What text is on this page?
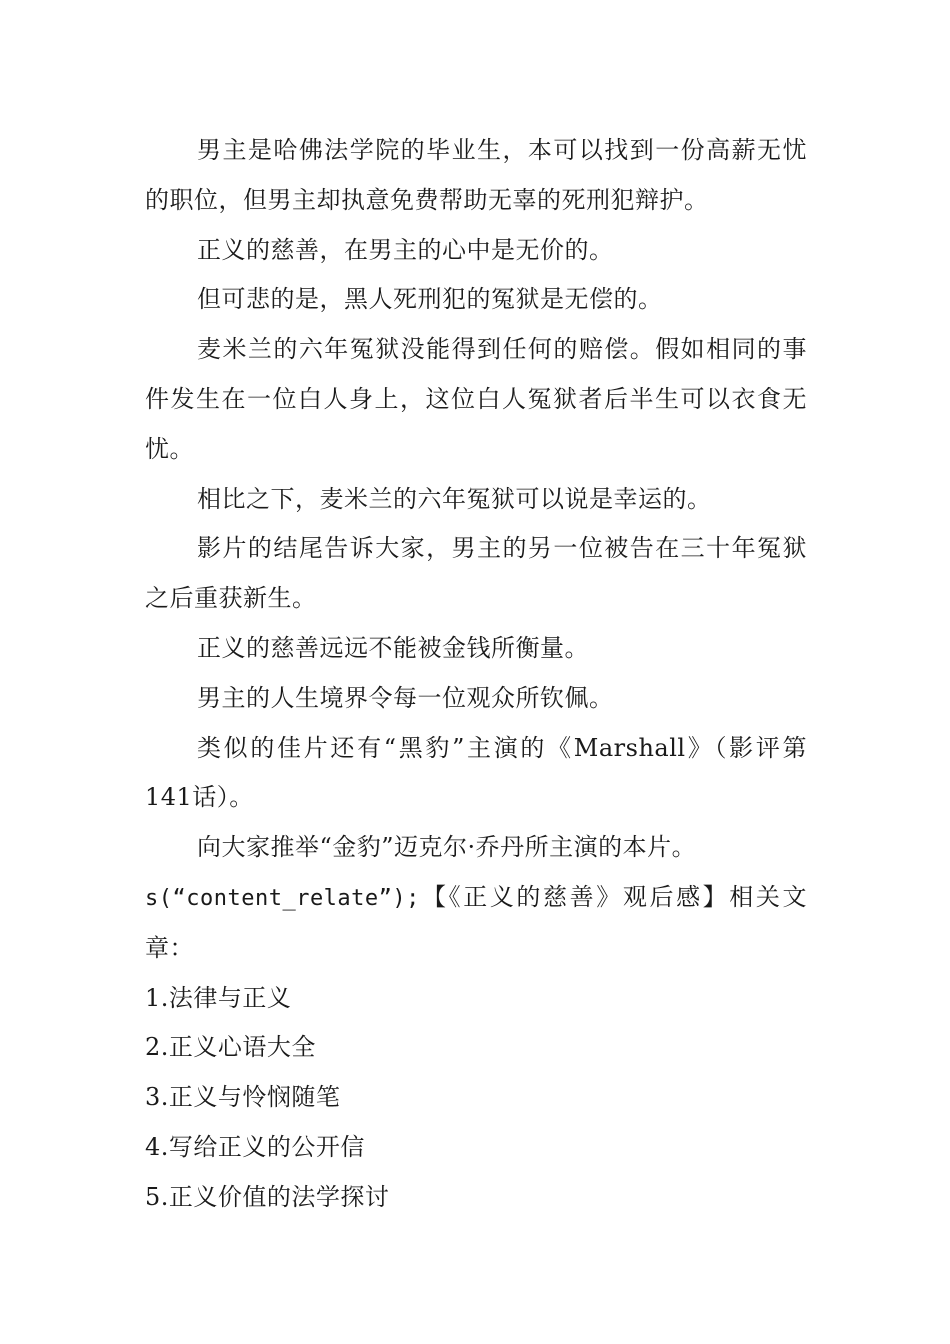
男主是哈佛法学院的毕业生，本可以找到一份高薪无忧的职位，但男主却执意免费帮助无辜的死刑犯辩护。

正义的慈善，在男主的心中是无价的。

但可悲的是，黑人死刑犯的冤狱是无偿的。

麦米兰的六年冤狱没能得到任何的赔偿。假如相同的事件发生在一位白人身上，这位白人冤狱者后半生可以衣食无忧。

相比之下，麦米兰的六年冤狱可以说是幸运的。

影片的结尾告诉大家，男主的另一位被告在三十年冤狱之后重获新生。

正义的慈善远远不能被金钱所衡量。

男主的人生境界令每一位观众所钦佩。

类似的佳片还有“黑豹”主演的《Marshall》（影评第141话）。

向大家推举“金豹”迈克尔·乔丹所主演的本片。

s(“content_relate”);【《正义的慈善》观后感】相关文章：

1.法律与正义

2.正义心语大全

3.正义与怜悯随笔

4.写给正义的公开信

5.正义价值的法学探讨
